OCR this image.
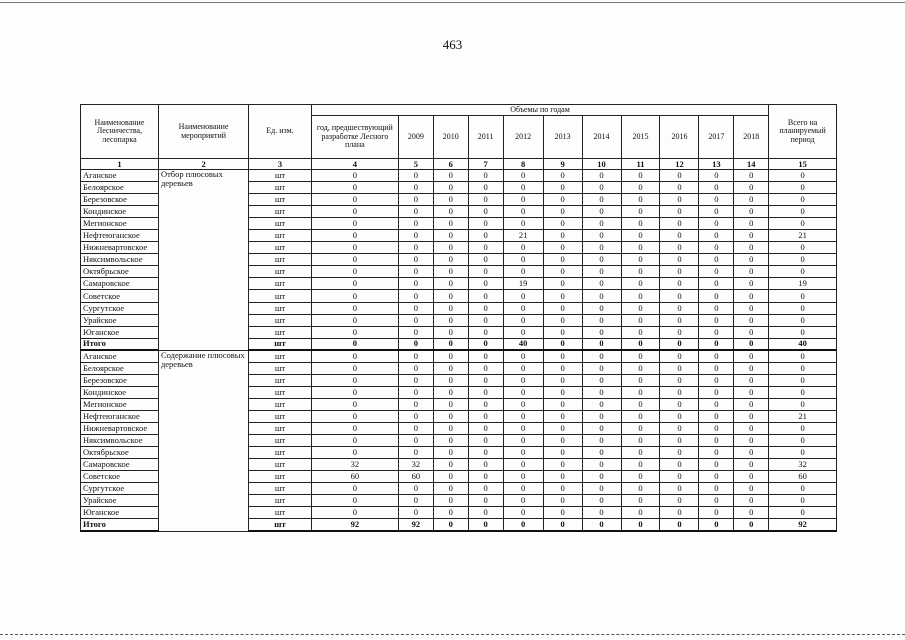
463
Наименование Лесничества, лесопарка	Наименование мероприятий	Ед. изм.	Объемы по годам											Всего на планируемый период
			год, предшествующий разработке Лесного плана	2009	2010	2011	2012	2013	2014	2015	2016	2017	2018	
1	2	3	4	5	6	7	8	9	10	11	12	13	14	15
Аганское	Отбор плюсовых деревьев	шт	0	0	0	0	0	0	0	0	0	0	0	0
Белоярское		шт	0	0	0	0	0	0	0	0	0	0	0	0
Березовское		шт	0	0	0	0	0	0	0	0	0	0	0	0
Кондинское		шт	0	0	0	0	0	0	0	0	0	0	0	0
Мегионское		шт	0	0	0	0	0	0	0	0	0	0	0	0
Нефтеюганское		шт	0	0	0	0	21	0	0	0	0	0	0	21
Нижневартовское		шт	0	0	0	0	0	0	0	0	0	0	0	0
Няксимвольское		шт	0	0	0	0	0	0	0	0	0	0	0	0
Октябрьское		шт	0	0	0	0	0	0	0	0	0	0	0	0
Самаровское		шт	0	0	0	0	19	0	0	0	0	0	0	19
Советское		шт	0	0	0	0	0	0	0	0	0	0	0	0
Сургутское		шт	0	0	0	0	0	0	0	0	0	0	0	0
Урайское		шт	0	0	0	0	0	0	0	0	0	0	0	0
Юганское		шт	0	0	0	0	0	0	0	0	0	0	0	0
Итого		шт	0	0	0	0	40	0	0	0	0	0	0	40
Аганское	Содержание плюсовых деревьев	шт	0	0	0	0	0	0	0	0	0	0	0	0
Белоярское		шт	0	0	0	0	0	0	0	0	0	0	0	0
Березовское		шт	0	0	0	0	0	0	0	0	0	0	0	0
Кондинское		шт	0	0	0	0	0	0	0	0	0	0	0	0
Мегионское		шт	0	0	0	0	0	0	0	0	0	0	0	0
Нефтеюганское		шт	0	0	0	0	0	0	0	0	0	0	0	21
Нижневартовское		шт	0	0	0	0	0	0	0	0	0	0	0	0
Няксимвольское		шт	0	0	0	0	0	0	0	0	0	0	0	0
Октябрьское		шт	0	0	0	0	0	0	0	0	0	0	0	0
Самаровское		шт	32	32	0	0	0	0	0	0	0	0	0	32
Советское		шт	60	60	0	0	0	0	0	0	0	0	0	60
Сургутское		шт	0	0	0	0	0	0	0	0	0	0	0	0
Урайское		шт	0	0	0	0	0	0	0	0	0	0	0	0
Юганское		шт	0	0	0	0	0	0	0	0	0	0	0	0
Итого		шт	92	92	0	0	0	0	0	0	0	0	0	92
